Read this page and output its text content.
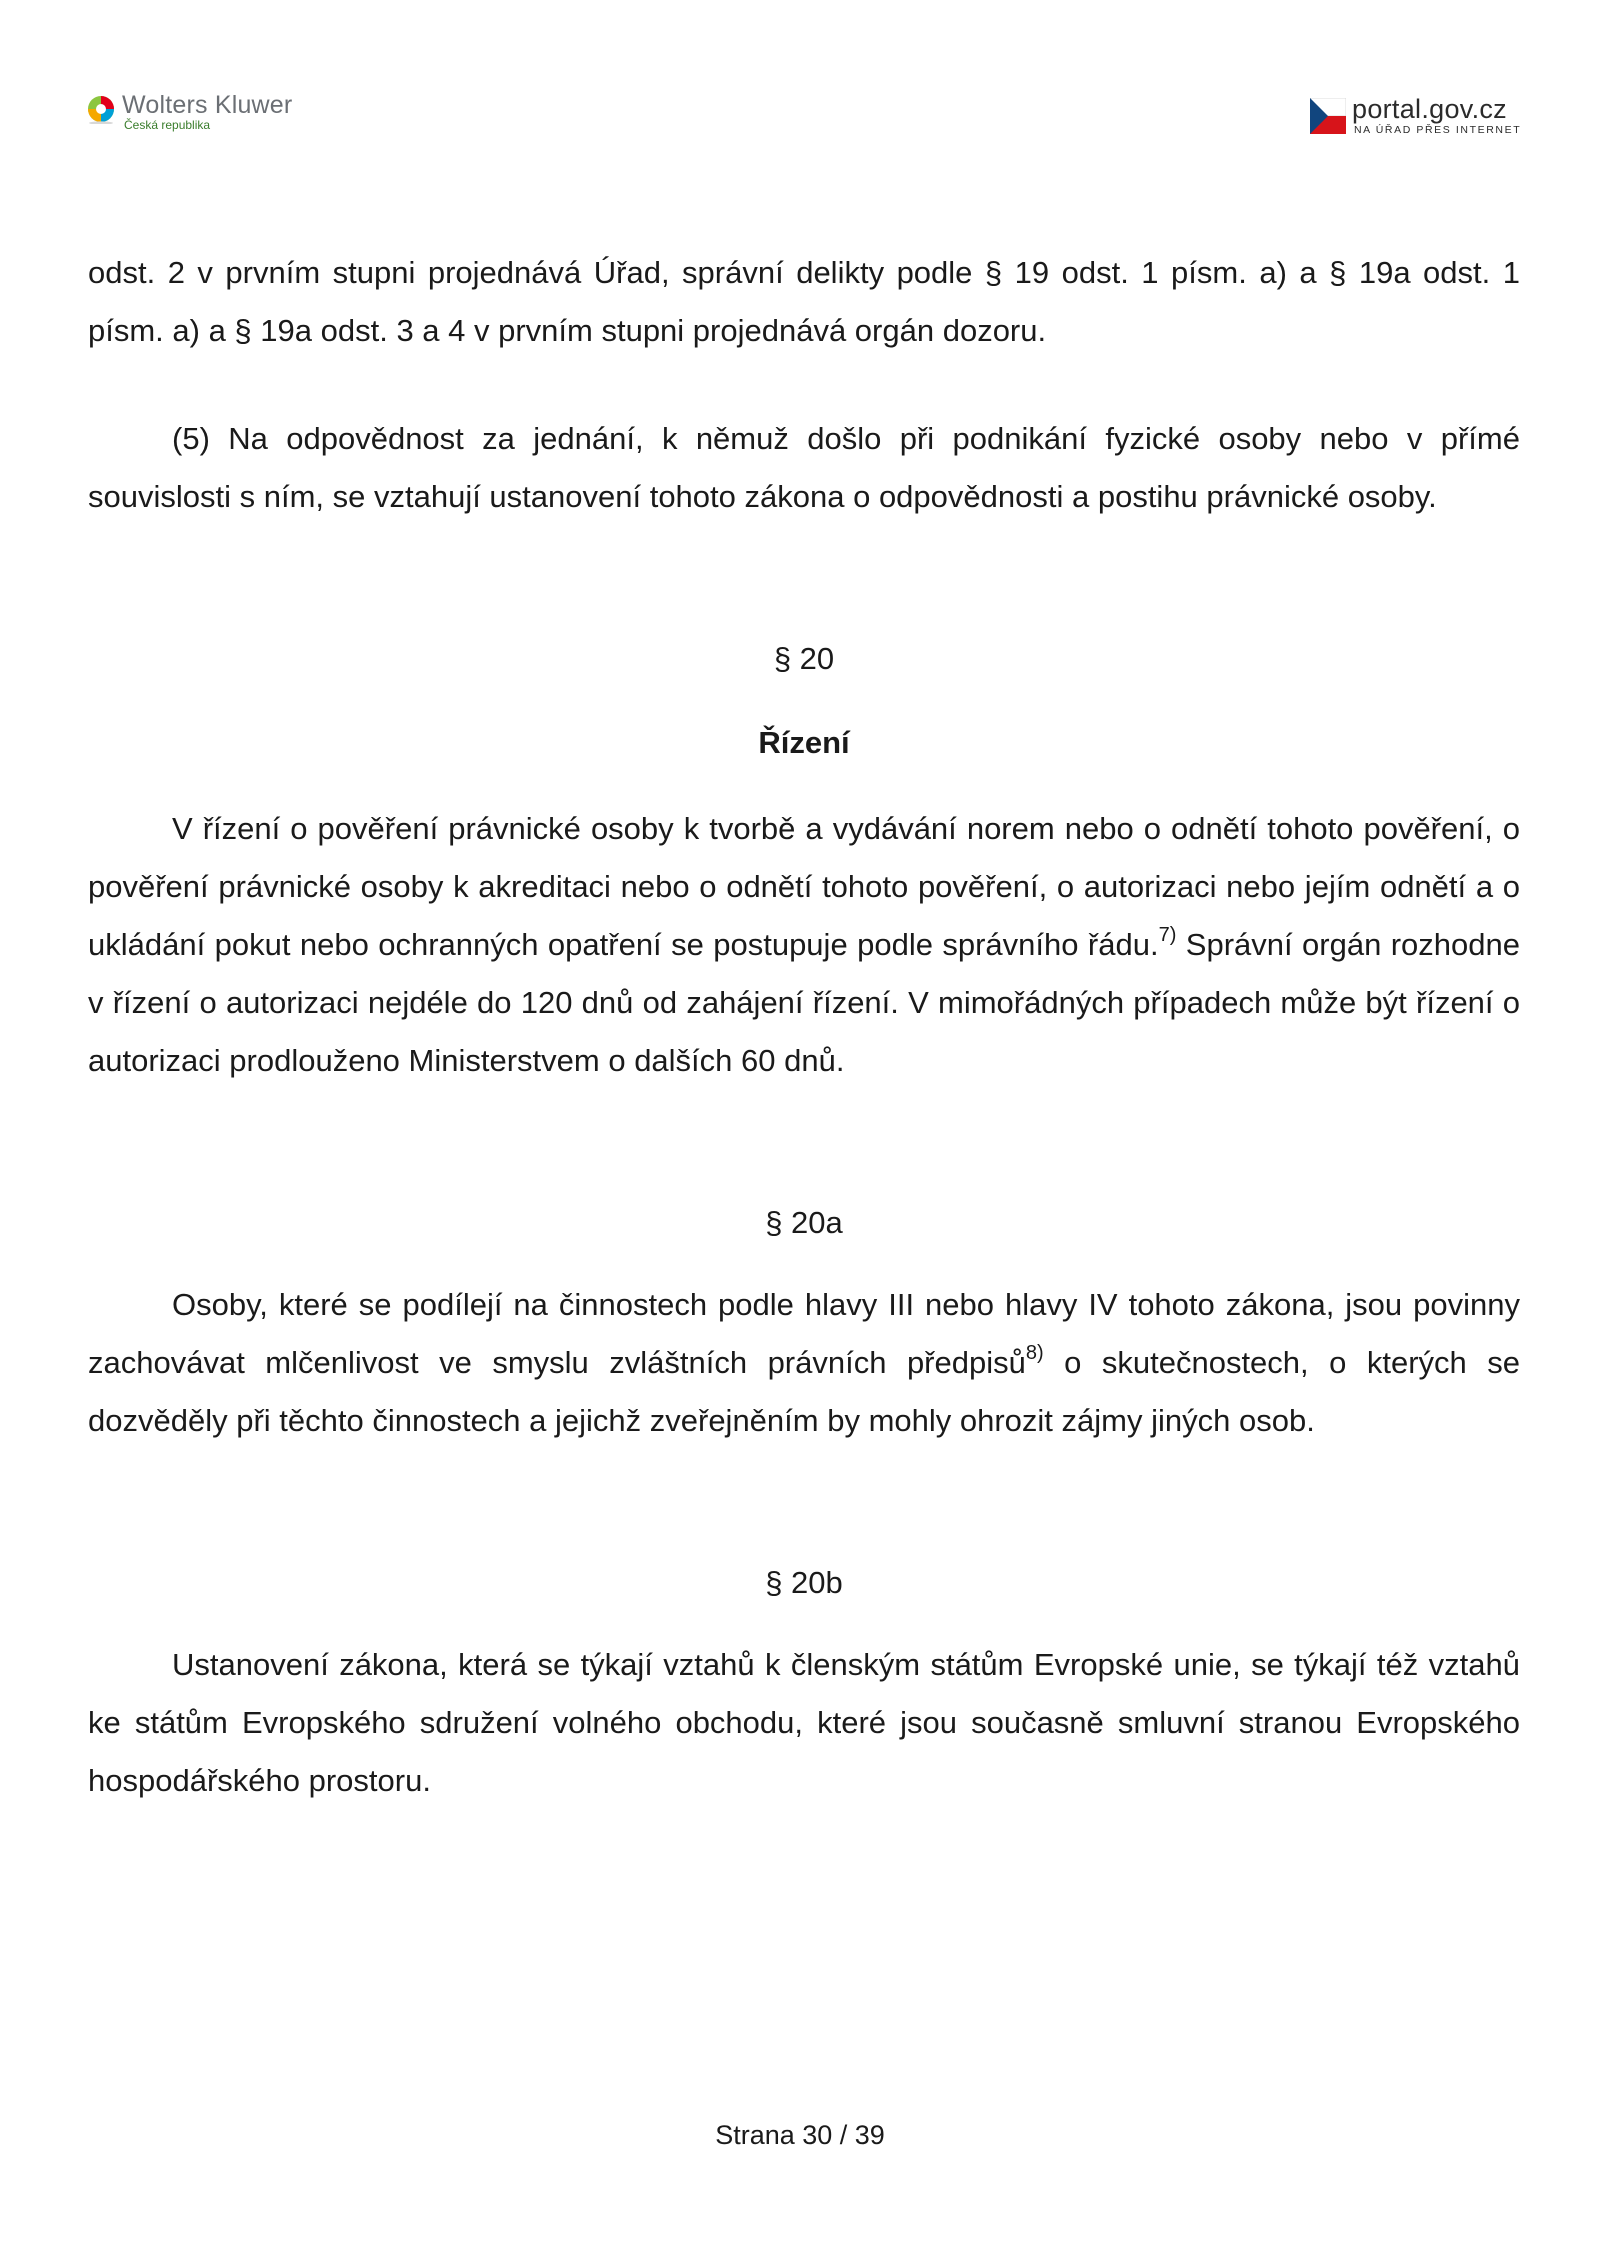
Wolters Kluwer
Česká republika
portal.gov.cz
NA ÚŘAD PŘES INTERNET

odst. 2 v prvním stupni projednává Úřad, správní delikty podle § 19 odst. 1 písm. a) a § 19a odst. 1 písm. a) a § 19a odst. 3 a 4 v prvním stupni projednává orgán dozoru.

(5) Na odpovědnost za jednání, k němuž došlo při podnikání fyzické osoby nebo v přímé souvislosti s ním, se vztahují ustanovení tohoto zákona o odpovědnosti a postihu právnické osoby.

§ 20

Řízení

V řízení o pověření právnické osoby k tvorbě a vydávání norem nebo o odnětí tohoto pověření, o pověření právnické osoby k akreditaci nebo o odnětí tohoto pověření, o autorizaci nebo jejím odnětí a o ukládání pokut nebo ochranných opatření se postupuje podle správního řádu.$^{7)}$ Správní orgán rozhodne v řízení o autorizaci nejdéle do 120 dnů od zahájení řízení. V mimořádných případech může být řízení o autorizaci prodlouženo Ministerstvem o dalších 60 dnů.

§ 20a

Osoby, které se podílejí na činnostech podle hlavy III nebo hlavy IV tohoto zákona, jsou povinny zachovávat mlčenlivost ve smyslu zvláštních právních předpisů$^{8)}$ o skutečnostech, o kterých se dozvěděly při těchto činnostech a jejichž zveřejněním by mohly ohrozit zájmy jiných osob.

§ 20b

Ustanovení zákona, která se týkají vztahů k členským státům Evropské unie, se týkají též vztahů ke státům Evropského sdružení volného obchodu, které jsou současně smluvní stranou Evropského hospodářského prostoru.

Strana 30 / 39
